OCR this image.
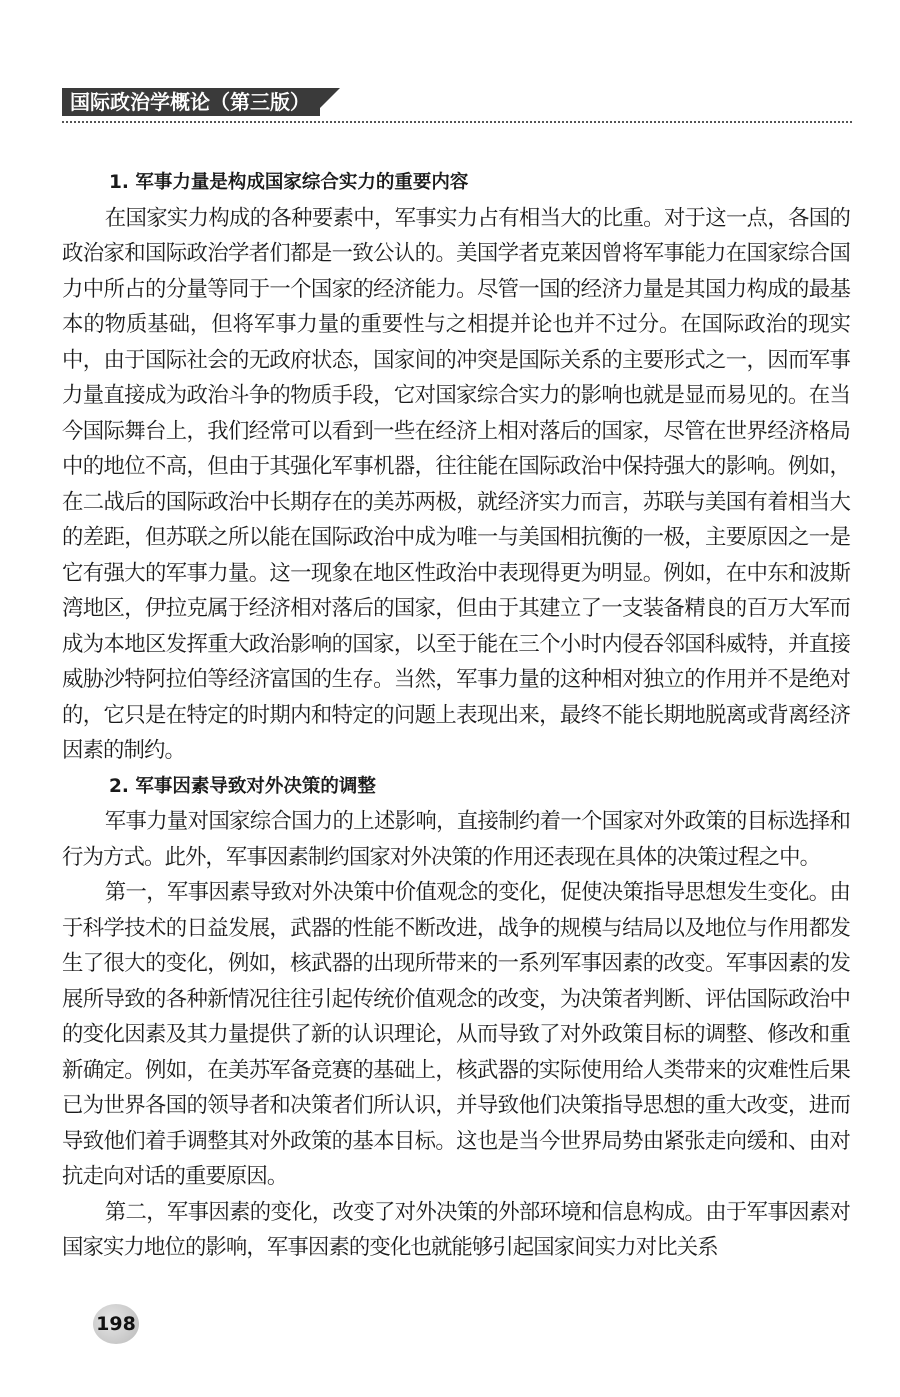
国际政治学概论（第三版）
1. 军事力量是构成国家综合实力的重要内容

在国家实力构成的各种要素中，军事实力占有相当大的比重。对于这一点，各国的政治家和国际政治学者们都是一致公认的。美国学者克莱因曾将军事能力在国家综合国力中所占的分量等同于一个国家的经济能力。尽管一国的经济力量是其国力构成的最基本的物质基础，但将军事力量的重要性与之相提并论也并不过分。在国际政治的现实中，由于国际社会的无政府状态，国家间的冲突是国际关系的主要形式之一，因而军事力量直接成为政治斗争的物质手段，它对国家综合实力的影响也就是显而易见的。在当今国际舞台上，我们经常可以看到一些在经济上相对落后的国家，尽管在世界经济格局中的地位不高，但由于其强化军事机器，往往能在国际政治中保持强大的影响。例如，在二战后的国际政治中长期存在的美苏两极，就经济实力而言，苏联与美国有着相当大的差距，但苏联之所以能在国际政治中成为唯一与美国相抗衡的一极，主要原因之一是它有强大的军事力量。这一现象在地区性政治中表现得更为明显。例如，在中东和波斯湾地区，伊拉克属于经济相对落后的国家，但由于其建立了一支装备精良的百万大军而成为本地区发挥重大政治影响的国家，以至于能在三个小时内侵吞邻国科威特，并直接威胁沙特阿拉伯等经济富国的生存。当然，军事力量的这种相对独立的作用并不是绝对的，它只是在特定的时期内和特定的问题上表现出来，最终不能长期地脱离或背离经济因素的制约。

2. 军事因素导致对外决策的调整

军事力量对国家综合国力的上述影响，直接制约着一个国家对外政策的目标选择和行为方式。此外，军事因素制约国家对外决策的作用还表现在具体的决策过程之中。

第一，军事因素导致对外决策中价值观念的变化，促使决策指导思想发生变化。由于科学技术的日益发展，武器的性能不断改进，战争的规模与结局以及地位与作用都发生了很大的变化，例如，核武器的出现所带来的一系列军事因素的改变。军事因素的发展所导致的各种新情况往往引起传统价值观念的改变，为决策者判断、评估国际政治中的变化因素及其力量提供了新的认识理论，从而导致了对外政策目标的调整、修改和重新确定。例如，在美苏军备竞赛的基础上，核武器的实际使用给人类带来的灾难性后果已为世界各国的领导者和决策者们所认识，并导致他们决策指导思想的重大改变，进而导致他们着手调整其对外政策的基本目标。这也是当今世界局势由紧张走向缓和、由对抗走向对话的重要原因。

第二，军事因素的变化，改变了对外决策的外部环境和信息构成。由于军事因素对国家实力地位的影响，军事因素的变化也就能够引起国家间实力对比关系

198
